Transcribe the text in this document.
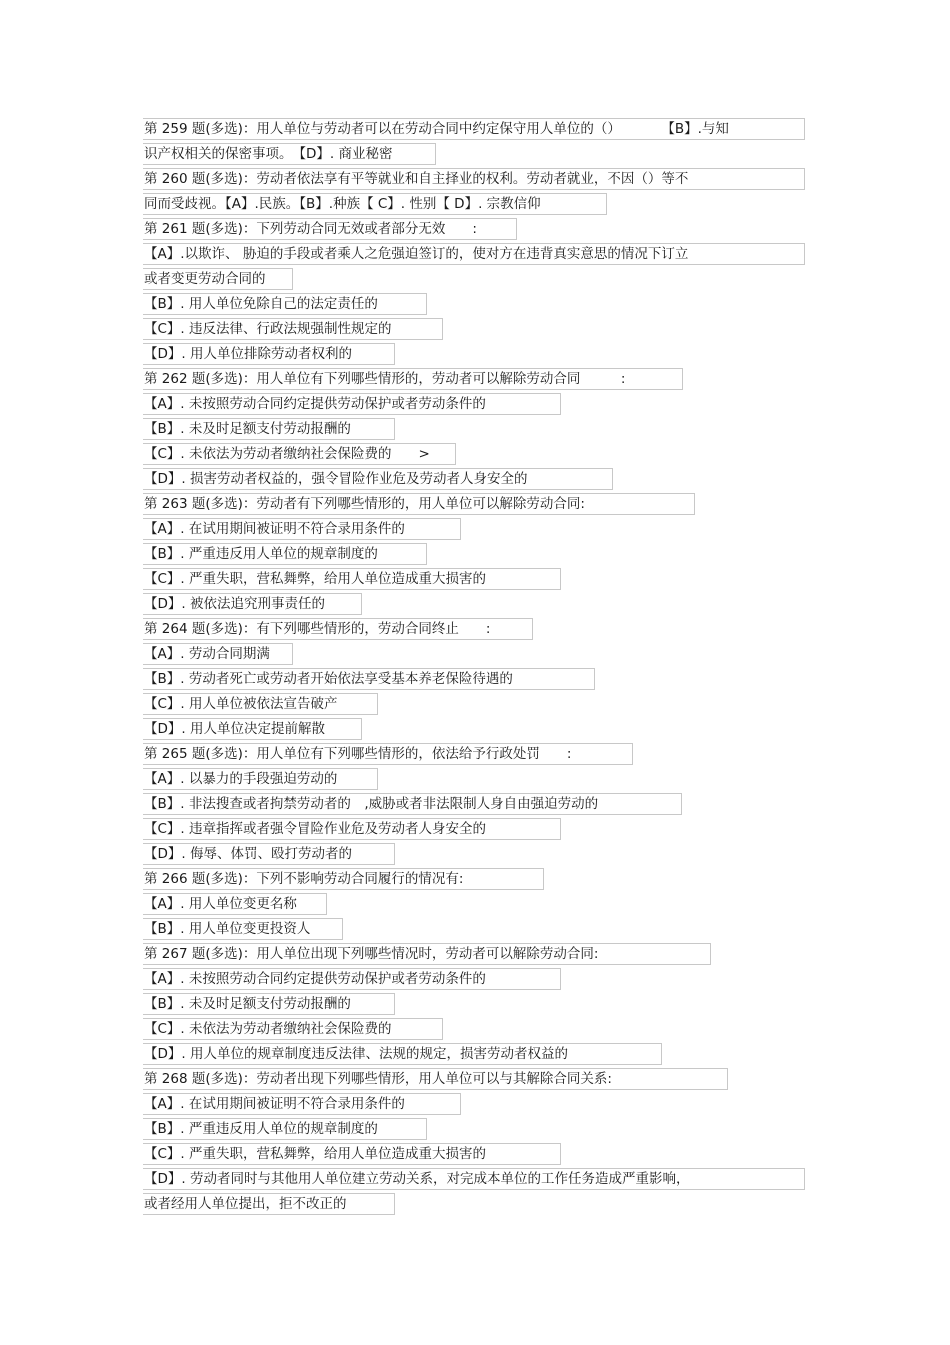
第 259 题(多选)：用人单位与劳动者可以在劳动合同中约定保守用人单位的（）　　　　【B】.与知
识产权相关的保密事项。　【D】. 商业秘密
第 260 题(多选)：劳动者依法享有平等就业和自主择业的权利。劳动者就业，不因（）等不
同而受歧视。【A】.民族。【B】.种族【 C】. 性别【 D】. 宗教信仰
第 261 题(多选)：下列劳动合同无效或者部分无效　　:
【A】.以欺诈、 胁迫的手段或者乘人之危强迫签订的，使对方在违背真实意思的情况下订立
或者变更劳动合同的
【B】. 用人单位免除自己的法定责任的
【C】. 违反法律、行政法规强制性规定的
【D】. 用人单位排除劳动者权利的
第 262 题(多选)：用人单位有下列哪些情形的，劳动者可以解除劳动合同　　　:
【A】. 未按照劳动合同约定提供劳动保护或者劳动条件的
【B】. 未及时足额支付劳动报酬的
【C】. 未依法为劳动者缴纳社会保险费的　　>
【D】. 损害劳动者权益的，强令冒险作业危及劳动者人身安全的
第 263 题(多选)：劳动者有下列哪些情形的，用人单位可以解除劳动合同:
【A】. 在试用期间被证明不符合录用条件的
【B】. 严重违反用人单位的规章制度的
【C】. 严重失职，营私舞弊，给用人单位造成重大损害的
【D】. 被依法追究刑事责任的
第 264 题(多选)：有下列哪些情形的，劳动合同终止　　:
【A】. 劳动合同期满
【B】. 劳动者死亡或劳动者开始依法享受基本养老保险待遇的
【C】. 用人单位被依法宣告破产
【D】. 用人单位决定提前解散
第 265 题(多选)：用人单位有下列哪些情形的，依法给予行政处罚　　:
【A】. 以暴力的手段强迫劳动的
【B】. 非法搜查或者拘禁劳动者的　,威胁或者非法限制人身自由强迫劳动的
【C】. 违章指挥或者强令冒险作业危及劳动者人身安全的
【D】. 侮辱、体罚、殴打劳动者的
第 266 题(多选)：下列不影响劳动合同履行的情况有:
【A】. 用人单位变更名称
【B】. 用人单位变更投资人
第 267 题(多选)：用人单位出现下列哪些情况时，劳动者可以解除劳动合同:
【A】. 未按照劳动合同约定提供劳动保护或者劳动条件的
【B】. 未及时足额支付劳动报酬的
【C】. 未依法为劳动者缴纳社会保险费的
【D】. 用人单位的规章制度违反法律、法规的规定，损害劳动者权益的
第 268 题(多选)：劳动者出现下列哪些情形，用人单位可以与其解除合同关系:
【A】. 在试用期间被证明不符合录用条件的
【B】. 严重违反用人单位的规章制度的
【C】. 严重失职，营私舞弊，给用人单位造成重大损害的
【D】. 劳动者同时与其他用人单位建立劳动关系，对完成本单位的工作任务造成严重影响，
或者经用人单位提出，拒不改正的
